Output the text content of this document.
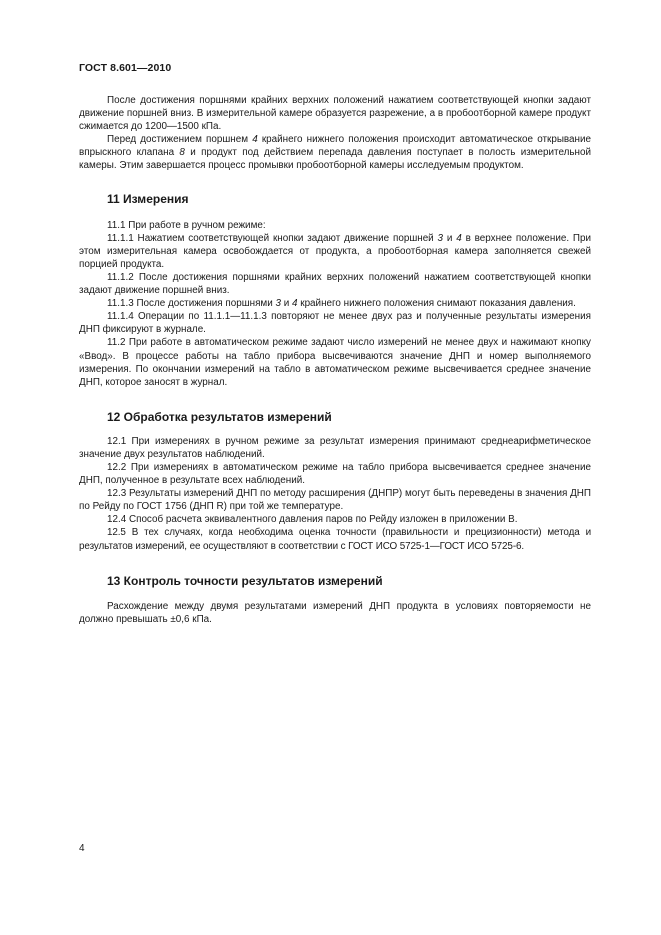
ГОСТ 8.601—2010

После достижения поршнями крайних верхних положений нажатием соответствующей кнопки задают движение поршней вниз. В измерительной камере образуется разрежение, а в пробоотборной камере продукт сжимается до 1200—1500 кПа.

Перед достижением поршнем 4 крайнего нижнего положения происходит автоматическое открывание впрыскного клапана 8 и продукт под действием перепада давления поступает в полость измерительной камеры. Этим завершается процесс промывки пробоотборной камеры исследуемым продуктом.

11 Измерения

11.1 При работе в ручном режиме:

11.1.1 Нажатием соответствующей кнопки задают движение поршней 3 и 4 в верхнее положение. При этом измерительная камера освобождается от продукта, а пробоотборная камера заполняется свежей порцией продукта.

11.1.2 После достижения поршнями крайних верхних положений нажатием соответствующей кнопки задают движение поршней вниз.

11.1.3 После достижения поршнями 3 и 4 крайнего нижнего положения снимают показания давления.

11.1.4 Операции по 11.1.1—11.1.3 повторяют не менее двух раз и полученные результаты измерения ДНП фиксируют в журнале.

11.2 При работе в автоматическом режиме задают число измерений не менее двух и нажимают кнопку «Ввод». В процессе работы на табло прибора высвечиваются значение ДНП и номер выполняемого измерения. По окончании измерений на табло в автоматическом режиме высвечивается среднее значение ДНП, которое заносят в журнал.

12 Обработка результатов измерений

12.1 При измерениях в ручном режиме за результат измерения принимают среднеарифметическое значение двух результатов наблюдений.

12.2 При измерениях в автоматическом режиме на табло прибора высвечивается среднее значение ДНП, полученное в результате всех наблюдений.

12.3 Результаты измерений ДНП по методу расширения (ДНПР) могут быть переведены в значения ДНП по Рейду по ГОСТ 1756 (ДНП R) при той же температуре.

12.4 Способ расчета эквивалентного давления паров по Рейду изложен в приложении В.

12.5 В тех случаях, когда необходима оценка точности (правильности и прецизионности) метода и результатов измерений, ее осуществляют в соответствии с ГОСТ ИСО 5725-1—ГОСТ ИСО 5725-6.

13 Контроль точности результатов измерений

Расхождение между двумя результатами измерений ДНП продукта в условиях повторяемости не должно превышать ±0,6 кПа.

4
